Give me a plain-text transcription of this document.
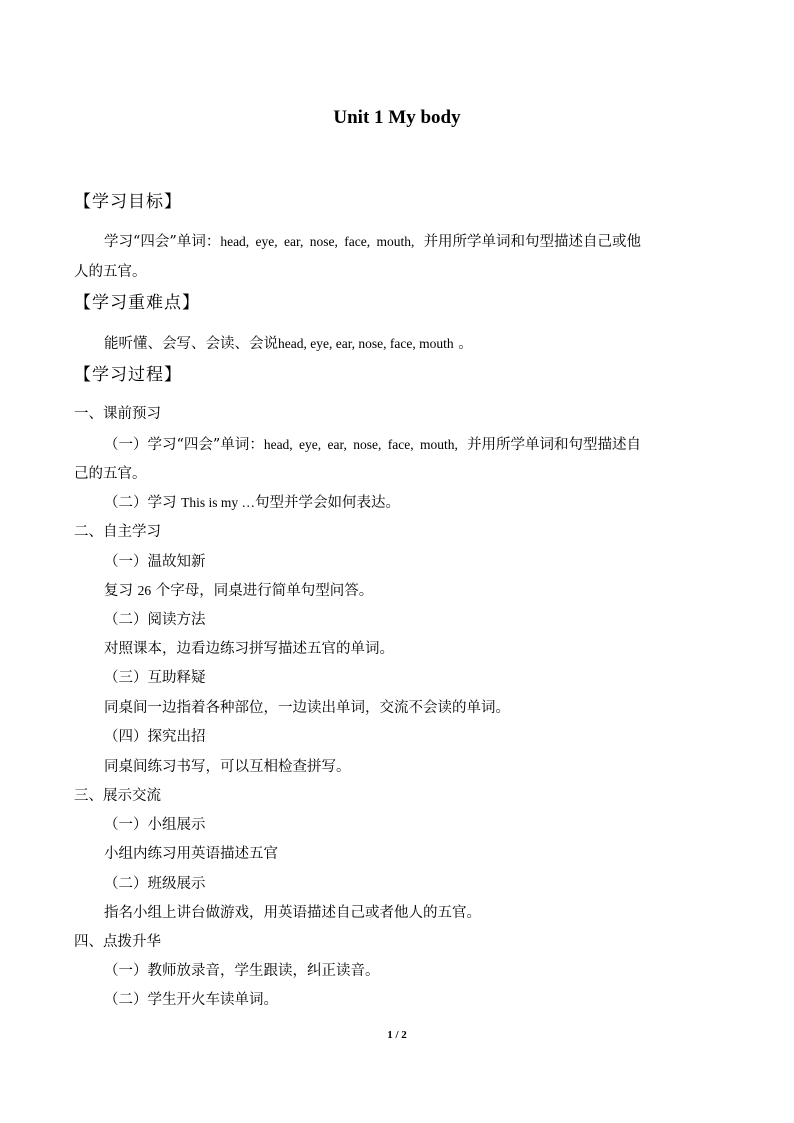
Unit 1 My body
【学习目标】
学习“四会”单词：head, eye, ear, nose, face, mouth, 并用所学单词和句型描述自己或他
人的五官。
【学习重难点】
能听懂、会写、会读、会说head, eye, ear, nose, face, mouth 。
【学习过程】
一、课前预习
（一）学习“四会”单词：head, eye, ear, nose, face, mouth, 并用所学单词和句型描述自
己的五官。
（二）学习 This is my …句型并学会如何表达。
二、自主学习
（一）温故知新
复习 26 个字母，同桌进行简单句型问答。
（二）阅读方法
对照课本，边看边练习拼写描述五官的单词。
（三）互助释疑
同桌间一边指着各种部位，一边读出单词，交流不会读的单词。
（四）探究出招
同桌间练习书写，可以互相检查拼写。
三、展示交流
（一）小组展示
小组内练习用英语描述五官
（二）班级展示
指名小组上讲台做游戏，用英语描述自己或者他人的五官。
四、点拨升华
（一）教师放录音，学生跟读，纠正读音。
（二）学生开火车读单词。
1 / 2
